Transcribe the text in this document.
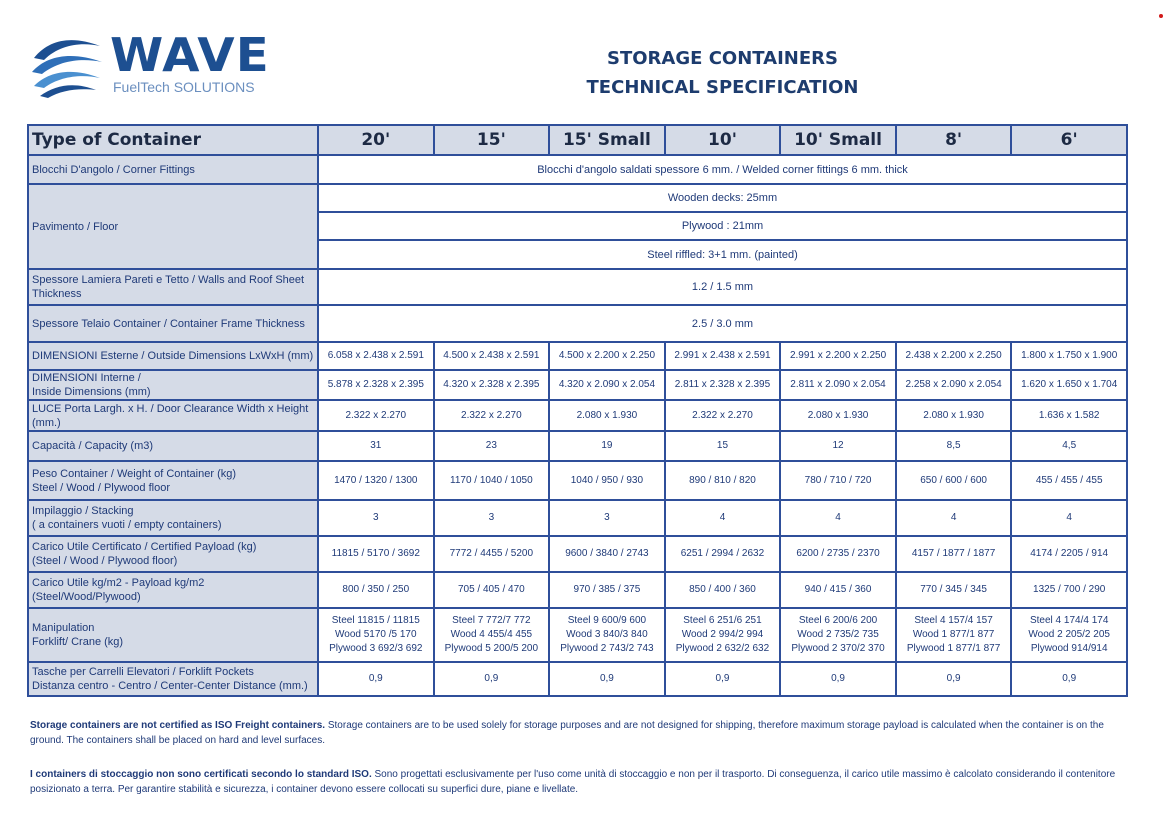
WAVE
FuelTech SOLUTIONS
STORAGE CONTAINERS
TECHNICAL SPECIFICATION
Type of Container	20'	15'	15' Small	10'	10' Small	8'	6'
Blocchi D'angolo / Corner Fittings	Blocchi d'angolo saldati spessore 6 mm. / Welded corner fittings 6 mm. thick						
Pavimento / Floor	Wooden decks: 25mm						
	Plywood : 21mm						
	Steel riffled: 3+1 mm. (painted)						
Spessore Lamiera Pareti e Tetto / Walls and Roof Sheet Thickness	1.2 / 1.5 mm						
Spessore Telaio Container / Container Frame Thickness	2.5 / 3.0 mm						
DIMENSIONI Esterne / Outside Dimensions LxWxH (mm)	6.058 x 2.438 x 2.591	4.500 x 2.438 x 2.591	4.500 x 2.200 x 2.250	2.991 x 2.438 x 2.591	2.991 x 2.200 x 2.250	2.438 x 2.200 x 2.250	1.800 x 1.750 x 1.900
DIMENSIONI Interne /
Inside Dimensions (mm)	5.878 x 2.328 x 2.395	4.320 x 2.328 x 2.395	4.320 x 2.090 x 2.054	2.811 x 2.328 x 2.395	2.811 x 2.090 x 2.054	2.258 x 2.090 x 2.054	1.620 x 1.650 x 1.704
LUCE Porta Largh. x H. / Door Clearance Width x Height (mm.)	2.322 x 2.270	2.322 x 2.270	2.080 x 1.930	2.322 x 2.270	2.080 x 1.930	2.080 x 1.930	1.636 x 1.582
Capacità / Capacity (m3)	31	23	19	15	12	8,5	4,5
Peso Container / Weight of Container (kg)
Steel / Wood / Plywood floor	1470 / 1320 / 1300	1170 / 1040 / 1050	1040 / 950 / 930	890 / 810 / 820	780 / 710 / 720	650 / 600 / 600	455 / 455 / 455
Impilaggio / Stacking
( a containers vuoti / empty containers)	3	3	3	4	4	4	4
Carico Utile Certificato / Certified Payload (kg)
(Steel / Wood / Plywood floor)	11815 / 5170 / 3692	7772 / 4455 / 5200	9600 / 3840 / 2743	6251 / 2994 / 2632	6200 / 2735 / 2370	4157 / 1877 / 1877	4174 / 2205 / 914
Carico Utile kg/m2 - Payload kg/m2
(Steel/Wood/Plywood)	800 / 350 / 250	705 / 405 / 470	970 / 385 / 375	850 / 400 / 360	940 / 415 / 360	770 / 345 / 345	1325 / 700 / 290
Manipulation
Forklift/ Crane (kg)	Steel 11815 / 11815
Wood 5170 /5 170
Plywood 3 692/3 692	Steel 7 772/7 772
Wood 4 455/4 455
Plywood 5 200/5 200	Steel 9 600/9 600
Wood 3 840/3 840
Plywood 2 743/2 743	Steel 6 251/6 251
Wood 2 994/2 994
Plywood 2 632/2 632	Steel 6 200/6 200
Wood 2 735/2 735
Plywood 2 370/2 370	Steel 4 157/4 157
Wood 1 877/1 877
Plywood 1 877/1 877	Steel 4 174/4 174
Wood 2 205/2 205
Plywood 914/914
Tasche per Carrelli Elevatori / Forklift Pockets
Distanza centro - Centro / Center-Center Distance (mm.)	0,9	0,9	0,9	0,9	0,9	0,9	0,9

Storage containers are not certified as ISO Freight containers. Storage containers are to be used solely for storage purposes and are not designed for shipping, therefore maximum storage payload is calculated when the container is on the ground. The containers shall be placed on hard and level surfaces.

I containers di stoccaggio non sono certificati secondo lo standard ISO. Sono progettati esclusivamente per l'uso come unità di stoccaggio e non per il trasporto. Di conseguenza, il carico utile massimo è calcolato considerando il contenitore posizionato a terra. Per garantire stabilità e sicurezza, i container devono essere collocati su superfici dure, piane e livellate.
